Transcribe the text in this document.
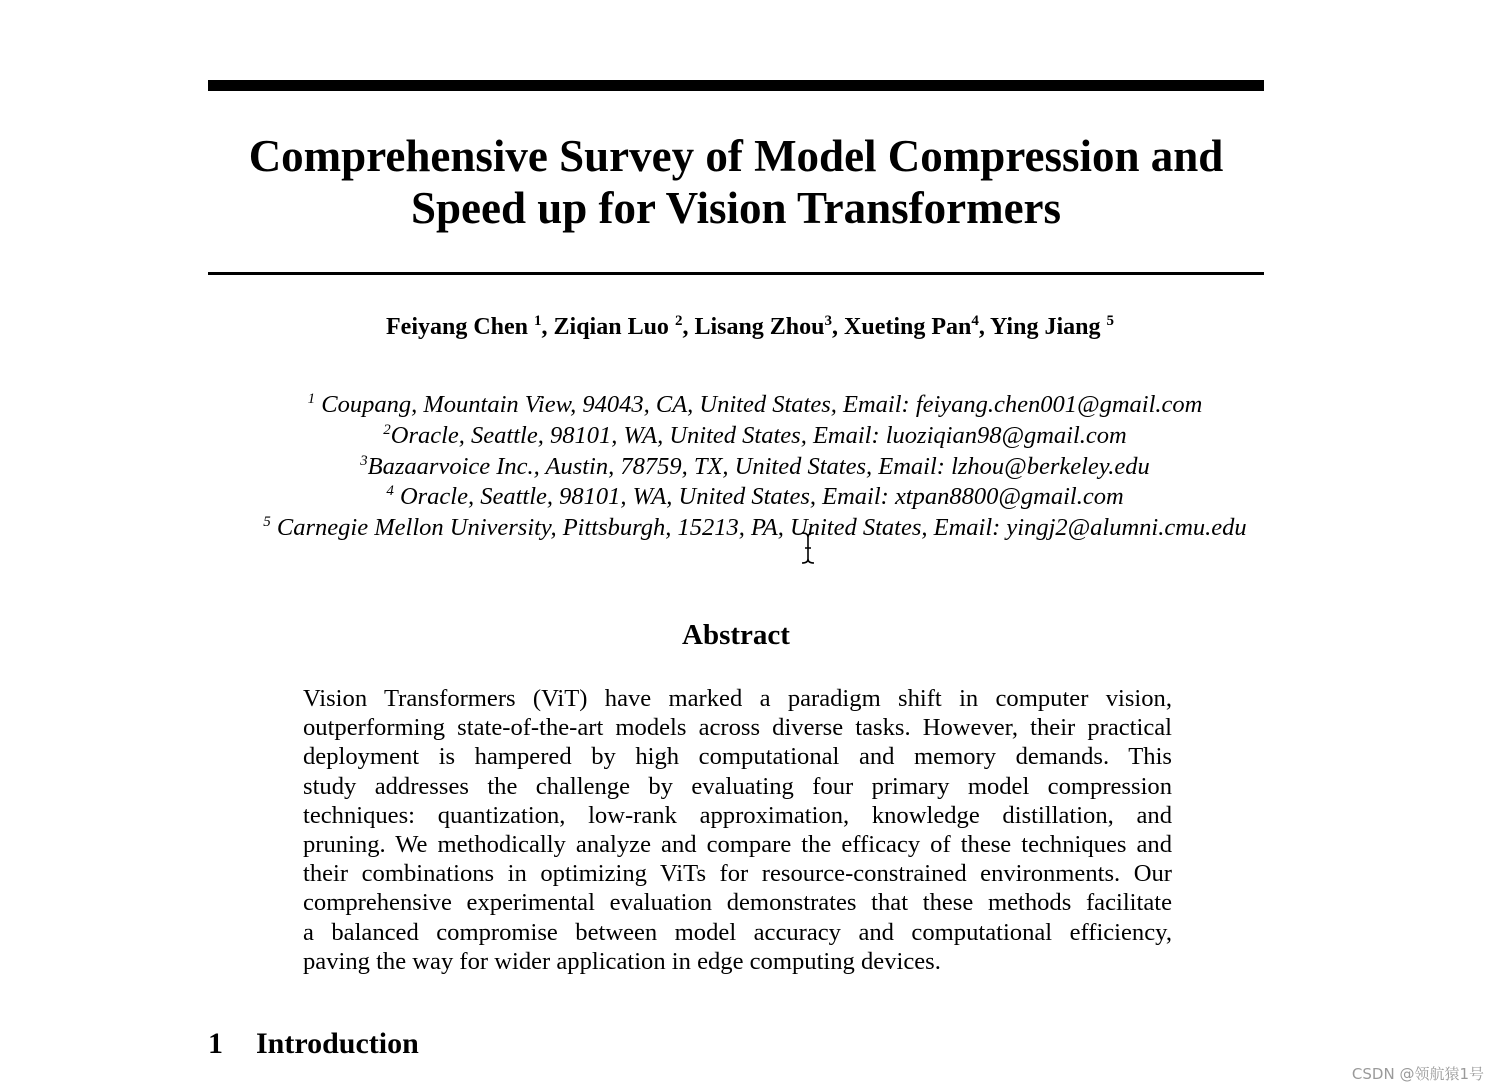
Comprehensive Survey of Model Compression and
Speed up for Vision Transformers
Feiyang Chen $^1$, Ziqian Luo $^2$, Lisang Zhou$^3$, Xueting Pan$^4$, Ying Jiang $^5$
$^1$ Coupang, Mountain View, 94043, CA, United States, Email: feiyang.chen001@gmail.com
$^2$Oracle, Seattle, 98101, WA, United States, Email: luoziqian98@gmail.com
$^3$Bazaarvoice Inc., Austin, 78759, TX, United States, Email: lzhou@berkeley.edu
$^4$ Oracle, Seattle, 98101, WA, United States, Email: xtpan8800@gmail.com
$^5$ Carnegie Mellon University, Pittsburgh, 15213, PA, United States, Email: yingj2@alumni.cmu.edu
Abstract
Vision Transformers (ViT) have marked a paradigm shift in computer vision,
outperforming state-of-the-art models across diverse tasks. However, their practical
deployment is hampered by high computational and memory demands. This
study addresses the challenge by evaluating four primary model compression
techniques: quantization, low-rank approximation, knowledge distillation, and
pruning. We methodically analyze and compare the efficacy of these techniques and
their combinations in optimizing ViTs for resource-constrained environments. Our
comprehensive experimental evaluation demonstrates that these methods facilitate
a balanced compromise between model accuracy and computational efficiency,
paving the way for wider application in edge computing devices.
1 Introduction
CSDN @领航猿1号
